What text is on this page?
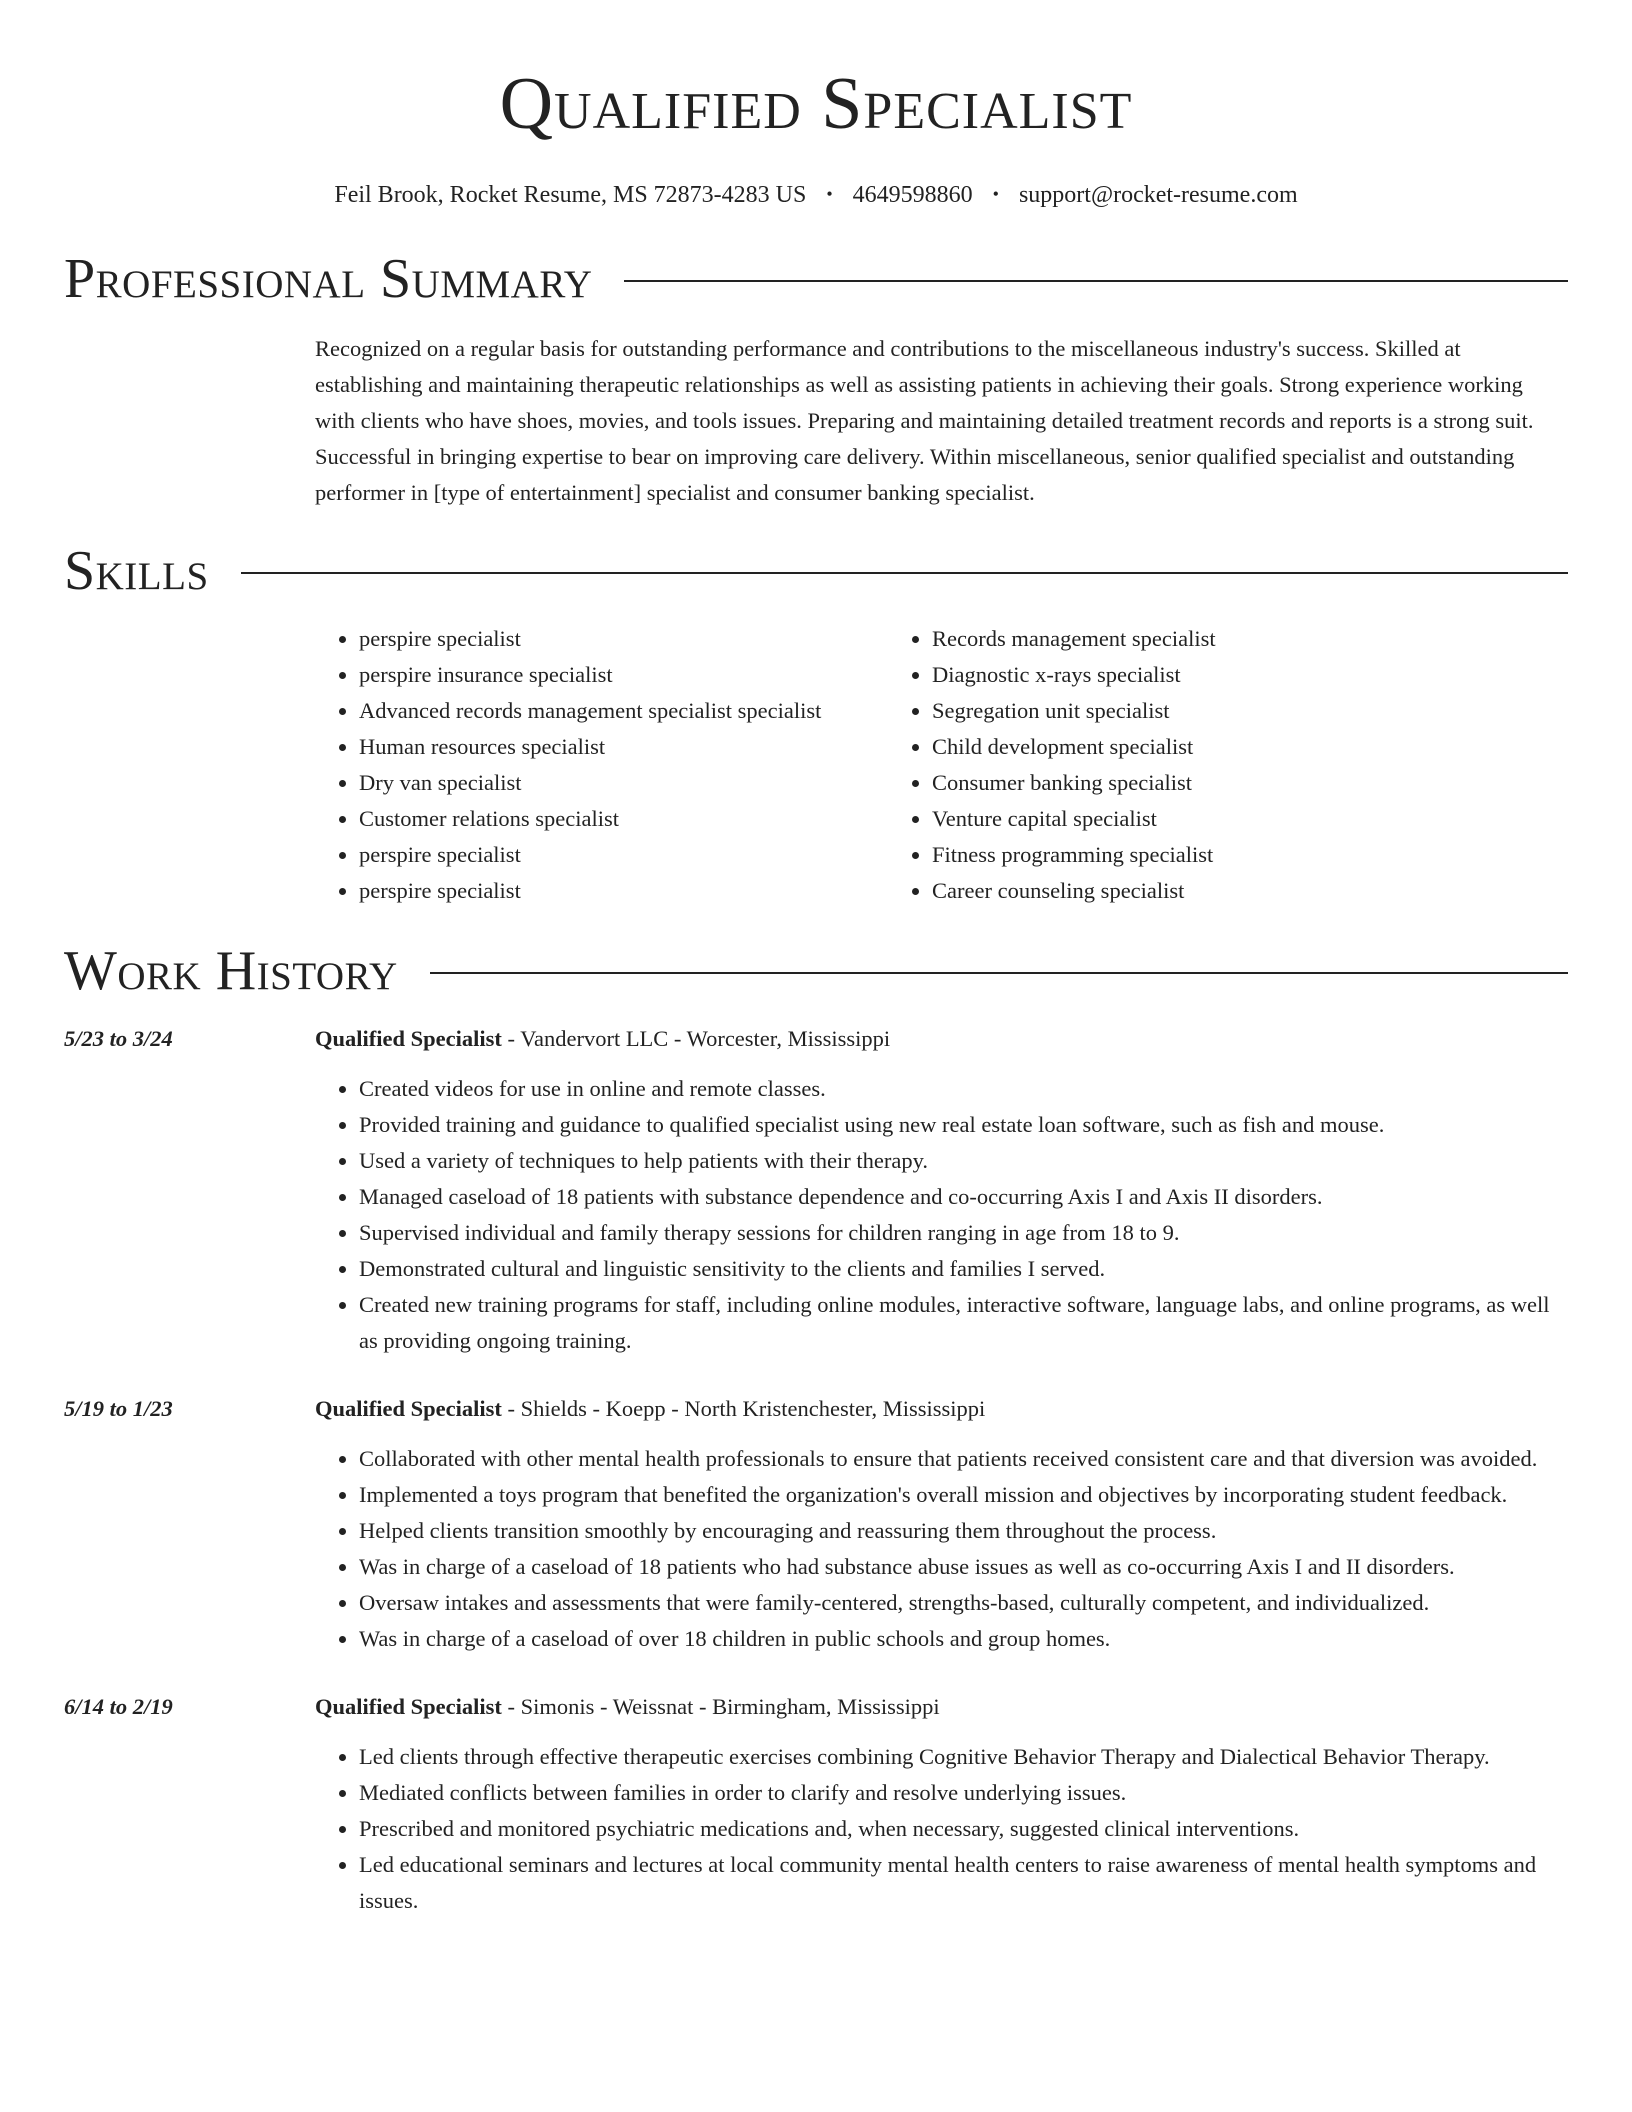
Qualified Specialist
Feil Brook, Rocket Resume, MS 72873-4283 US • 4649598860 • support@rocket-resume.com
Professional Summary
Recognized on a regular basis for outstanding performance and contributions to the miscellaneous industry's success. Skilled at establishing and maintaining therapeutic relationships as well as assisting patients in achieving their goals. Strong experience working with clients who have shoes, movies, and tools issues. Preparing and maintaining detailed treatment records and reports is a strong suit. Successful in bringing expertise to bear on improving care delivery. Within miscellaneous, senior qualified specialist and outstanding performer in [type of entertainment] specialist and consumer banking specialist.
Skills
• perspire specialist
• perspire insurance specialist
• Advanced records management specialist specialist
• Human resources specialist
• Dry van specialist
• Customer relations specialist
• perspire specialist
• perspire specialist
• Records management specialist
• Diagnostic x-rays specialist
• Segregation unit specialist
• Child development specialist
• Consumer banking specialist
• Venture capital specialist
• Fitness programming specialist
• Career counseling specialist
Work History
5/23 to 3/24	Qualified Specialist - Vandervort LLC - Worcester, Mississippi
• Created videos for use in online and remote classes.
• Provided training and guidance to qualified specialist using new real estate loan software, such as fish and mouse.
• Used a variety of techniques to help patients with their therapy.
• Managed caseload of 18 patients with substance dependence and co-occurring Axis I and Axis II disorders.
• Supervised individual and family therapy sessions for children ranging in age from 18 to 9.
• Demonstrated cultural and linguistic sensitivity to the clients and families I served.
• Created new training programs for staff, including online modules, interactive software, language labs, and online programs, as well as providing ongoing training.
5/19 to 1/23	Qualified Specialist - Shields - Koepp - North Kristenchester, Mississippi
• Collaborated with other mental health professionals to ensure that patients received consistent care and that diversion was avoided.
• Implemented a toys program that benefited the organization's overall mission and objectives by incorporating student feedback.
• Helped clients transition smoothly by encouraging and reassuring them throughout the process.
• Was in charge of a caseload of 18 patients who had substance abuse issues as well as co-occurring Axis I and II disorders.
• Oversaw intakes and assessments that were family-centered, strengths-based, culturally competent, and individualized.
• Was in charge of a caseload of over 18 children in public schools and group homes.
6/14 to 2/19	Qualified Specialist - Simonis - Weissnat - Birmingham, Mississippi
• Led clients through effective therapeutic exercises combining Cognitive Behavior Therapy and Dialectical Behavior Therapy.
• Mediated conflicts between families in order to clarify and resolve underlying issues.
• Prescribed and monitored psychiatric medications and, when necessary, suggested clinical interventions.
• Led educational seminars and lectures at local community mental health centers to raise awareness of mental health symptoms and issues.
